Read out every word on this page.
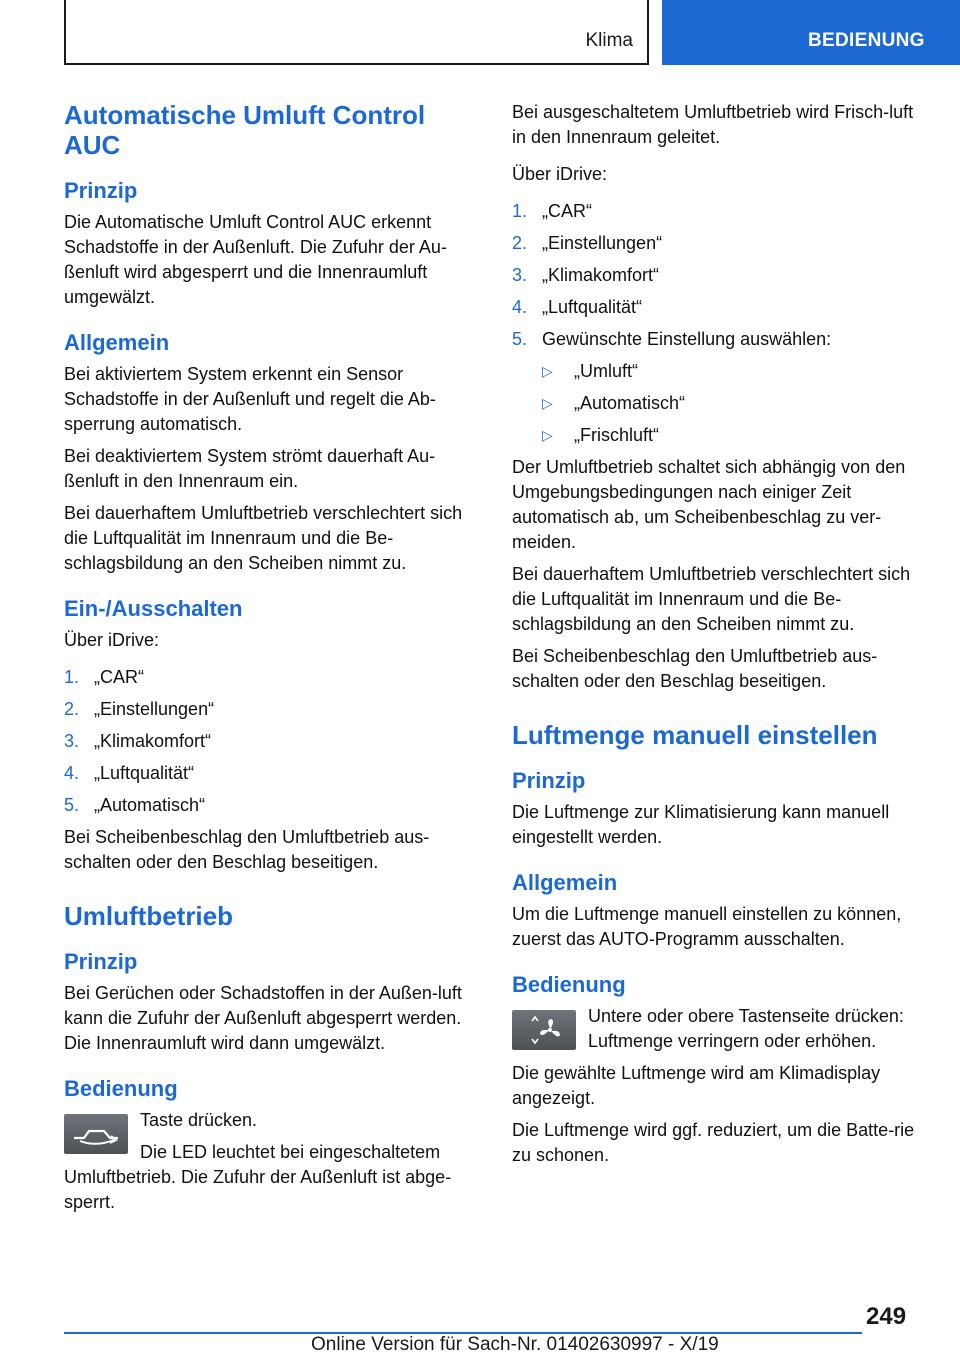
Klima	BEDIENUNG
Automatische Umluft Control AUC
Prinzip

Die Automatische Umluft Control AUC erkennt Schadstoffe in der Außenluft. Die Zufuhr der Au-ßenluft wird abgesperrt und die Innenraumluft umgewälzt.

Allgemein

Bei aktiviertem System erkennt ein Sensor Schadstoffe in der Außenluft und regelt die Ab-sperrung automatisch.

Bei deaktiviertem System strömt dauerhaft Au-ßenluft in den Innenraum ein.

Bei dauerhaftem Umluftbetrieb verschlechtert sich die Luftqualität im Innenraum und die Be-schlagsbildung an den Scheiben nimmt zu.

Ein-/Ausschalten

Über iDrive:

1. „CAR“
2. „Einstellungen“
3. „Klimakomfort“
4. „Luftqualität“
5. „Automatisch“

Bei Scheibenbeschlag den Umluftbetrieb aus-schalten oder den Beschlag beseitigen.

Umluftbetrieb
Prinzip

Bei Gerüchen oder Schadstoffen in der Außen-luft kann die Zufuhr der Außenluft abgesperrt werden. Die Innenraumluft wird dann umgewälzt.

Bedienung

Taste drücken.

Die LED leuchtet bei eingeschaltetem Umluftbetrieb. Die Zufuhr der Außenluft ist abge-sperrt.

Bei ausgeschaltetem Umluftbetrieb wird Frisch-luft in den Innenraum geleitet.

Über iDrive:

1. „CAR“
2. „Einstellungen“
3. „Klimakomfort“
4. „Luftqualität“
5. Gewünschte Einstellung auswählen:
▷ „Umluft“
▷ „Automatisch“
▷ „Frischluft“

Der Umluftbetrieb schaltet sich abhängig von den Umgebungsbedingungen nach einiger Zeit automatisch ab, um Scheibenbeschlag zu ver-meiden.

Bei dauerhaftem Umluftbetrieb verschlechtert sich die Luftqualität im Innenraum und die Be-schlagsbildung an den Scheiben nimmt zu.

Bei Scheibenbeschlag den Umluftbetrieb aus-schalten oder den Beschlag beseitigen.

Luftmenge manuell einstellen
Prinzip

Die Luftmenge zur Klimatisierung kann manuell eingestellt werden.

Allgemein

Um die Luftmenge manuell einstellen zu können, zuerst das AUTO-Programm ausschalten.

Bedienung

Untere oder obere Tastenseite drücken: Luftmenge verringern oder erhöhen.

Die gewählte Luftmenge wird am Klimadisplay angezeigt.

Die Luftmenge wird ggf. reduziert, um die Batte-rie zu schonen.

249
Online Version für Sach-Nr. 01402630997 - X/19
